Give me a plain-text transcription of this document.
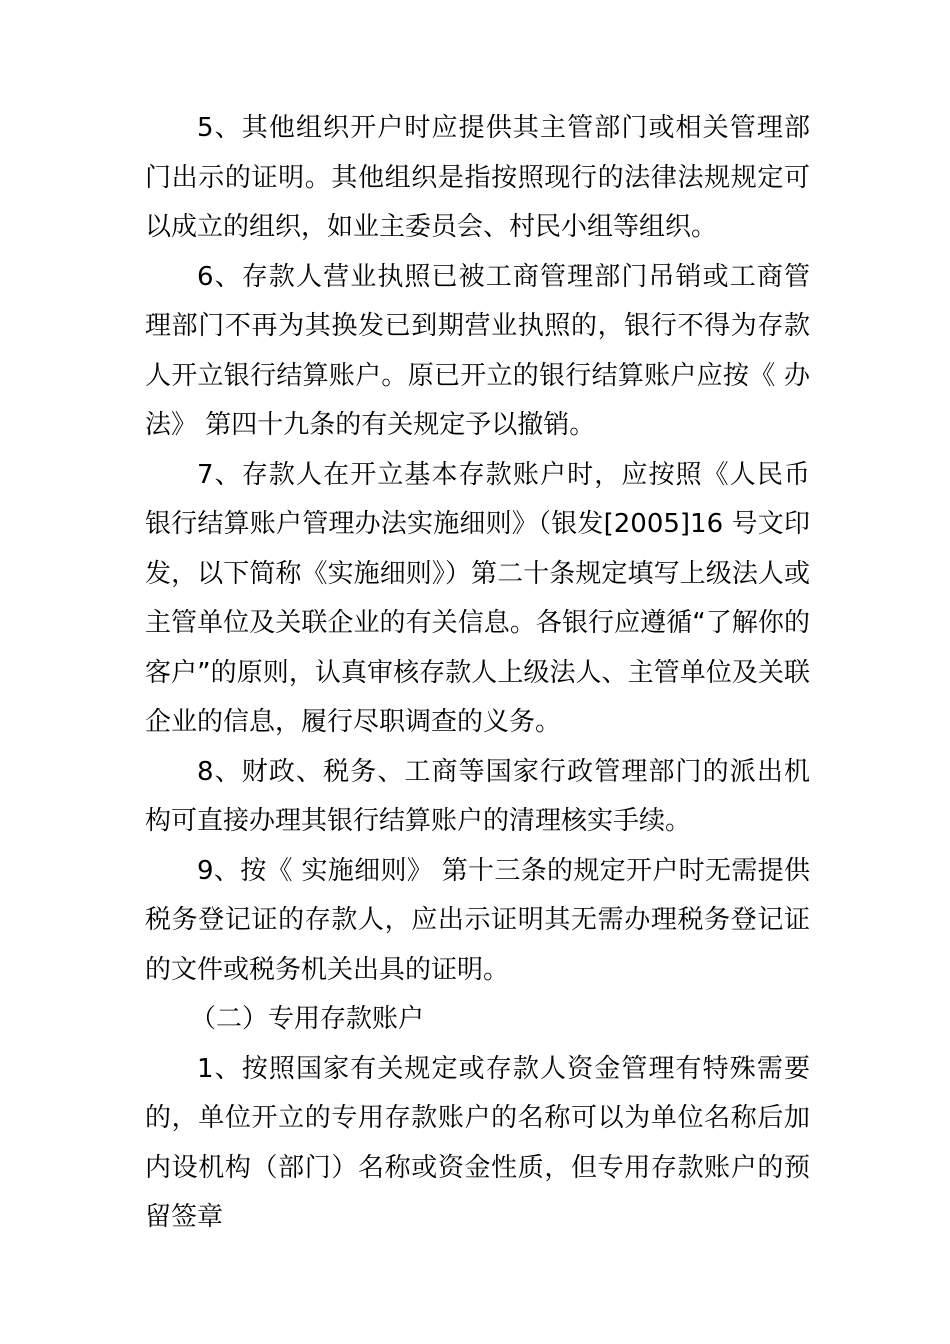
5、其他组织开户时应提供其主管部门或相关管理部门出示的证明。其他组织是指按照现行的法律法规规定可以成立的组织，如业主委员会、村民小组等组织。

6、存款人营业执照已被工商管理部门吊销或工商管理部门不再为其换发已到期营业执照的，银行不得为存款人开立银行结算账户。原已开立的银行结算账户应按《 办法》 第四十九条的有关规定予以撤销。

7、存款人在开立基本存款账户时，应按照《人民币银行结算账户管理办法实施细则》（银发[2005]16 号文印发，以下简称《实施细则》）第二十条规定填写上级法人或主管单位及关联企业的有关信息。各银行应遵循“了解你的客户”的原则，认真审核存款人上级法人、主管单位及关联企业的信息，履行尽职调查的义务。

8、财政、税务、工商等国家行政管理部门的派出机构可直接办理其银行结算账户的清理核实手续。

9、按《 实施细则》 第十三条的规定开户时无需提供税务登记证的存款人，应出示证明其无需办理税务登记证的文件或税务机关出具的证明。

（二）专用存款账户

1、按照国家有关规定或存款人资金管理有特殊需要的，单位开立的专用存款账户的名称可以为单位名称后加内设机构（部门）名称或资金性质，但专用存款账户的预留签章
